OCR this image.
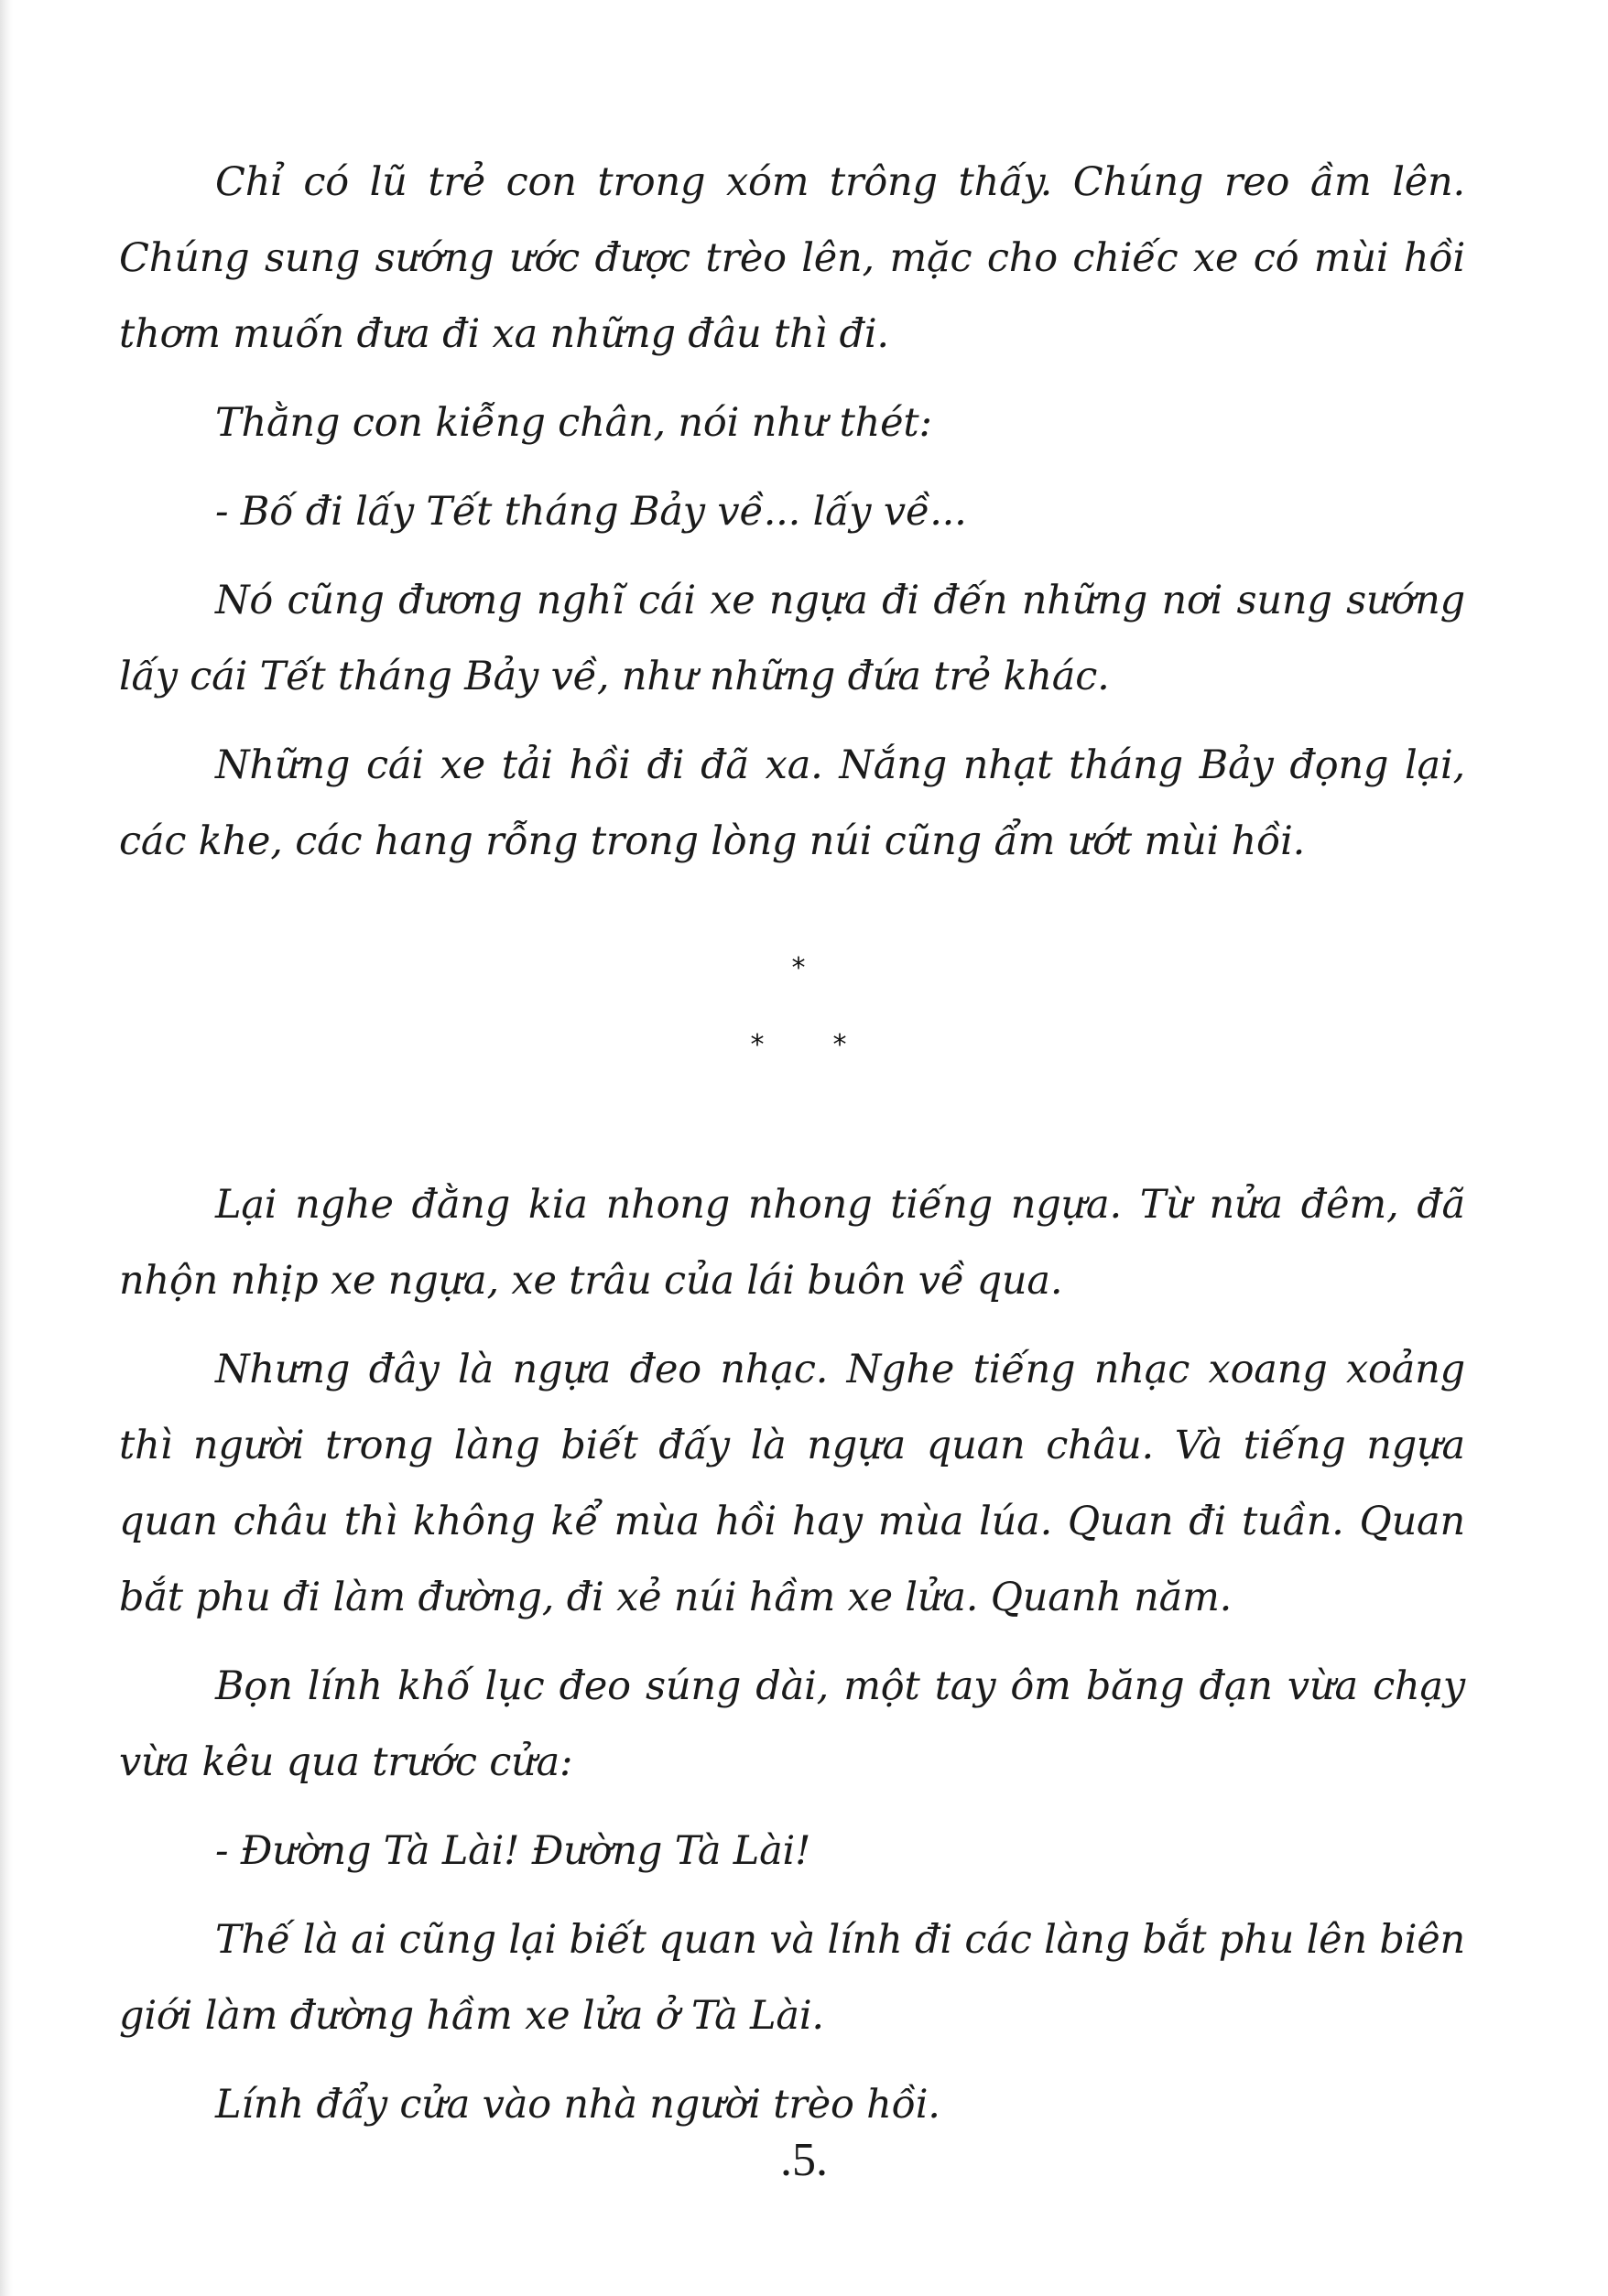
Chỉ có lũ trẻ con trong xóm trông thấy. Chúng reo ầm lên. Chúng sung sướng ước được trèo lên, mặc cho chiếc xe có mùi hồi thơm muốn đưa đi xa những đâu thì đi.

Thằng con kiễng chân, nói như thét:

- Bố đi lấy Tết tháng Bảy về... lấy về...

Nó cũng đương nghĩ cái xe ngựa đi đến những nơi sung sướng lấy cái Tết tháng Bảy về, như những đứa trẻ khác.

Những cái xe tải hồi đi đã xa. Nắng nhạt tháng Bảy đọng lại, các khe, các hang rỗng trong lòng núi cũng ẩm ướt mùi hồi.

*
*	*

Lại nghe đằng kia nhong nhong tiếng ngựa. Từ nửa đêm, đã nhộn nhịp xe ngựa, xe trâu của lái buôn về qua.

Nhưng đây là ngựa đeo nhạc. Nghe tiếng nhạc xoang xoảng thì người trong làng biết đấy là ngựa quan châu. Và tiếng ngựa quan châu thì không kể mùa hồi hay mùa lúa. Quan đi tuần. Quan bắt phu đi làm đường, đi xẻ núi hầm xe lửa. Quanh năm.

Bọn lính khố lục đeo súng dài, một tay ôm băng đạn vừa chạy vừa kêu qua trước cửa:

- Đường Tà Lài! Đường Tà Lài!

Thế là ai cũng lại biết quan và lính đi các làng bắt phu lên biên giới làm đường hầm xe lửa ở Tà Lài.

Lính đẩy cửa vào nhà người trèo hồi.

.5.
